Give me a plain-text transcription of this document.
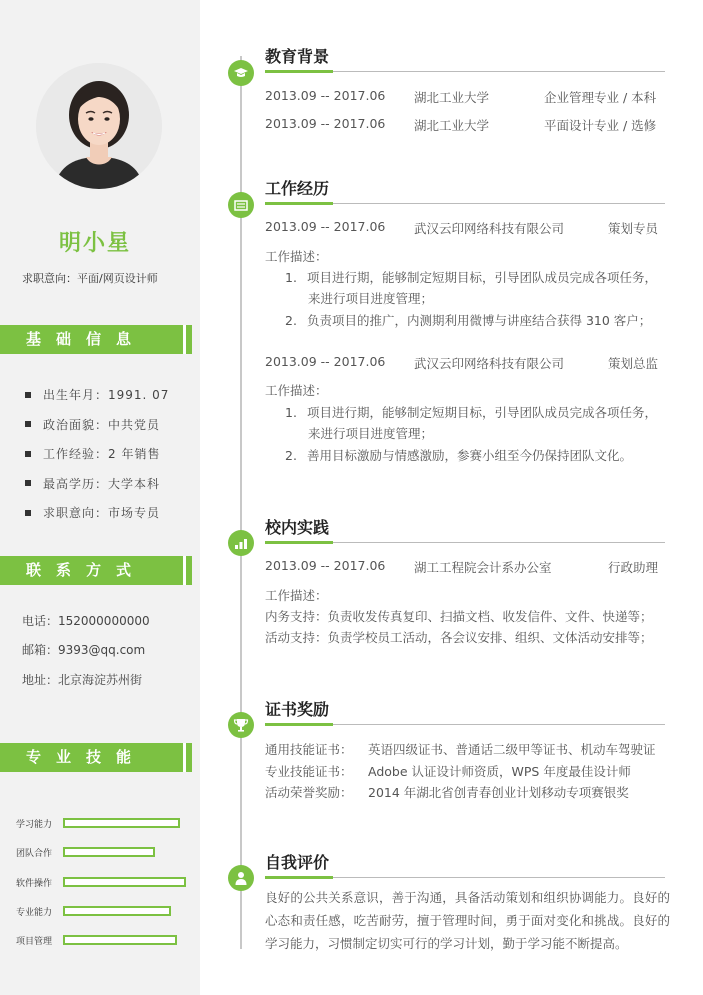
明小星
求职意向：平面/网页设计师
基础信息
出生年月：1991. 07
政治面貌：中共党员
工作经验：2 年销售
最高学历：大学本科
求职意向：市场专员
联系方式
电话：152000000000
邮箱：9393@qq.com
地址：北京海淀苏州街
专业技能
学习能力
团队合作
软件操作
专业能力
项目管理
教育背景
2013.09 -- 2017.06 湖北工业大学	企业管理专业 / 本科
2013.09 -- 2017.06 湖北工业大学	平面设计专业 / 选修
工作经历
2013.09 -- 2017.06 武汉云印网络科技有限公司	策划专员
工作描述：
1. 项目进行期，能够制定短期目标，引导团队成员完成各项任务，
来进行项目进度管理；
2. 负责项目的推广，内测期利用微博与讲座结合获得 310 客户；
2013.09 -- 2017.06 武汉云印网络科技有限公司	策划总监
工作描述：
1. 项目进行期，能够制定短期目标，引导团队成员完成各项任务，
来进行项目进度管理；
2. 善用目标激励与情感激励，参赛小组至今仍保持团队文化。
校内实践
2013.09 -- 2017.06 湖工工程院会计系办公室	行政助理
工作描述：
内务支持：负责收发传真复印、扫描文档、收发信件、文件、快递等；
活动支持：负责学校员工活动，各会议安排、组织、文体活动安排等；
证书奖励
通用技能证书： 英语四级证书、普通话二级甲等证书、机动车驾驶证
专业技能证书： Adobe 认证设计师资质，WPS 年度最佳设计师
活动荣誉奖励： 2014 年湖北省创青春创业计划移动专项赛银奖
自我评价
良好的公共关系意识，善于沟通，具备活动策划和组织协调能力。良好的心态和责任感，吃苦耐劳，擅于管理时间，勇于面对变化和挑战。良好的学习能力，习惯制定切实可行的学习计划，勤于学习能不断提高。
